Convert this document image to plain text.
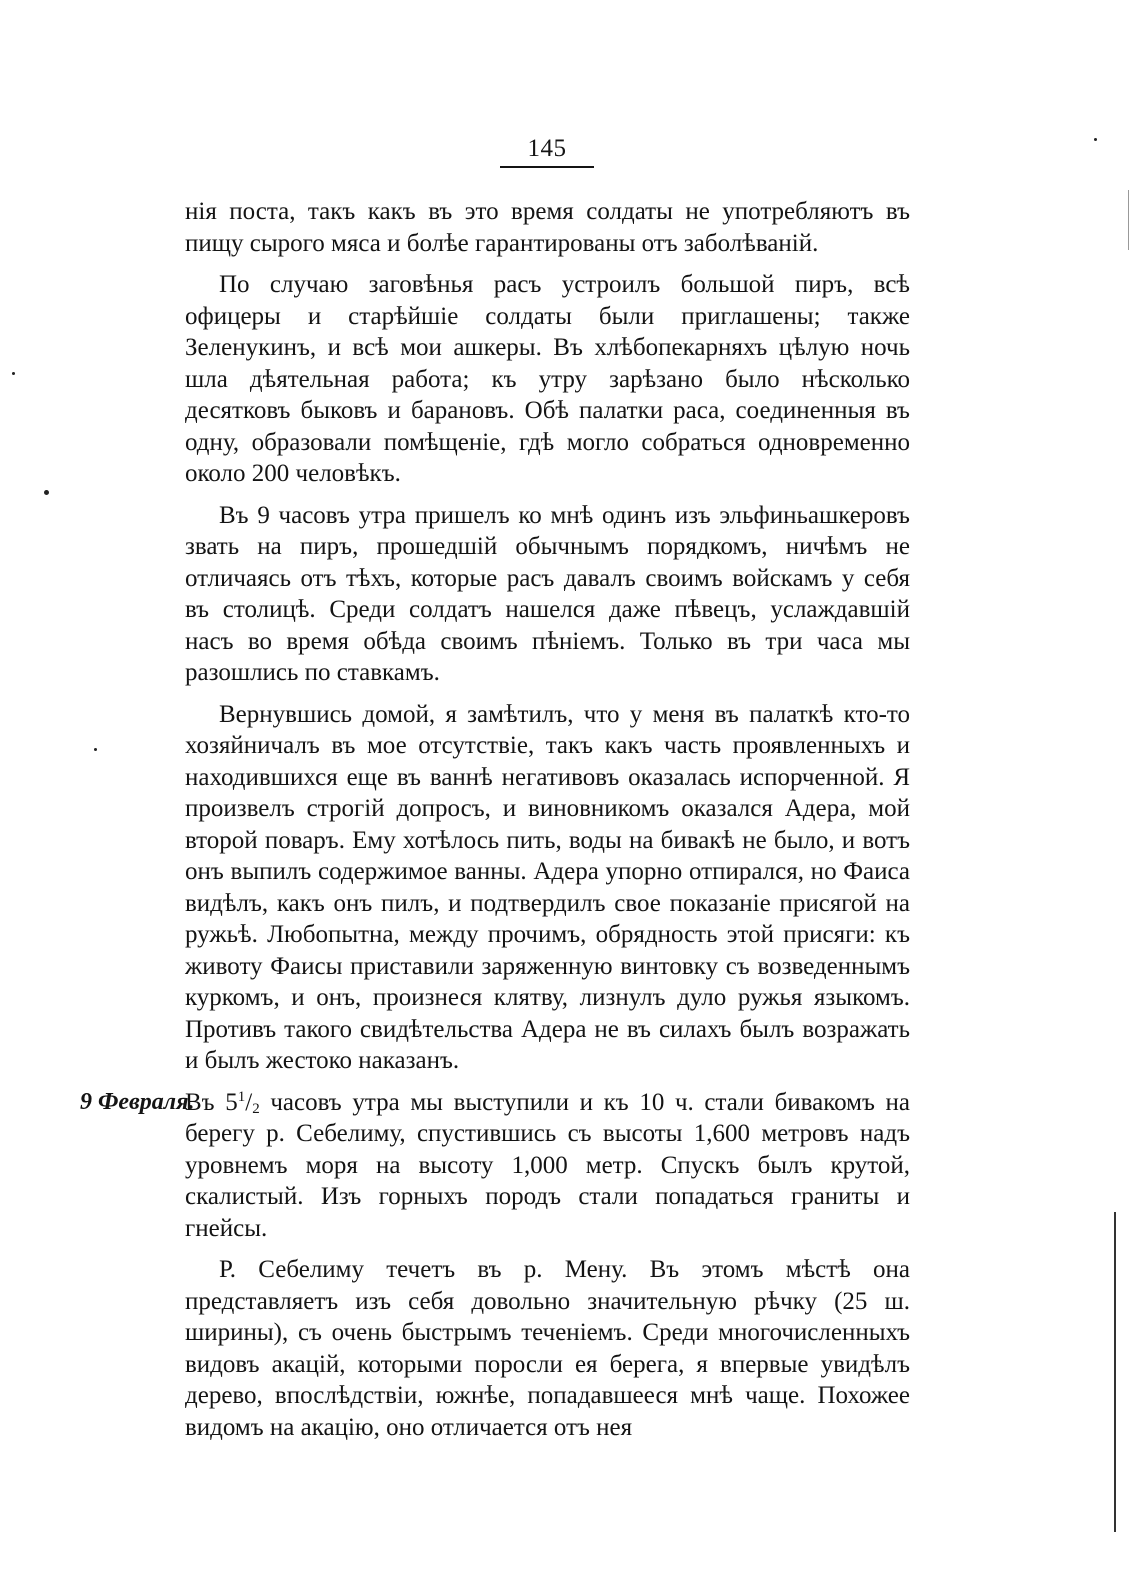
145

нія поста, такъ какъ въ это время солдаты не употребляютъ въ пищу сырого мяса и болѣе гарантированы отъ заболѣваній.

По случаю заговѣнья расъ устроилъ большой пиръ, всѣ офицеры и старѣйшіе солдаты были приглашены; также Зеленукинъ, и всѣ мои ашкеры. Въ хлѣбопекарняхъ цѣлую ночь шла дѣятельная работа; къ утру зарѣзано было нѣсколько десятковъ быковъ и барановъ. Обѣ палатки раса, соединенныя въ одну, образовали помѣщеніе, гдѣ могло собраться одновременно около 200 человѣкъ.

Въ 9 часовъ утра пришелъ ко мнѣ одинъ изъ эльфиньашкеровъ звать на пиръ, прошедшій обычнымъ порядкомъ, ничѣмъ не отличаясь отъ тѣхъ, которые расъ давалъ своимъ войскамъ у себя въ столицѣ. Среди солдатъ нашелся даже пѣвецъ, услаждавшій насъ во время обѣда своимъ пѣніемъ. Только въ три часа мы разошлись по ставкамъ.

Вернувшись домой, я замѣтилъ, что у меня въ палаткѣ кто-то хозяйничалъ въ мое отсутствіе, такъ какъ часть проявленныхъ и находившихся еще въ ваннѣ негативовъ оказалась испорченной. Я произвелъ строгій допросъ, и виновникомъ оказался Адера, мой второй поваръ. Ему хотѣлось пить, воды на бивакѣ не было, и вотъ онъ выпилъ содержимое ванны. Адера упорно отпирался, но Фаиса видѣлъ, какъ онъ пилъ, и подтвердилъ свое показаніе присягой на ружьѣ. Любопытна, между прочимъ, обрядность этой присяги: къ животу Фаисы приставили заряженную винтовку съ возведеннымъ куркомъ, и онъ, произнеся клятву, лизнулъ дуло ружья языкомъ. Противъ такого свидѣтельства Адера не въ силахъ былъ возражать и былъ жестоко наказанъ.

9 Февраля.

Въ $5^1/_2$ часовъ утра мы выступили и къ 10 ч. стали бивакомъ на берегу р. Себелиму, спустившись съ высоты 1,600 метровъ надъ уровнемъ моря на высоту 1,000 метр. Спускъ былъ крутой, скалистый. Изъ горныхъ породъ стали попадаться граниты и гнейсы.

Р. Себелиму течетъ въ р. Мену. Въ этомъ мѣстѣ она представляетъ изъ себя довольно значительную рѣчку (25 ш. ширины), съ очень быстрымъ теченіемъ. Среди многочисленныхъ видовъ акацій, которыми поросли ея берега, я впервые увидѣлъ дерево, впослѣдствіи, южнѣе, попадавшееся мнѣ чаще. Похожее видомъ на акацію, оно отличается отъ нея
